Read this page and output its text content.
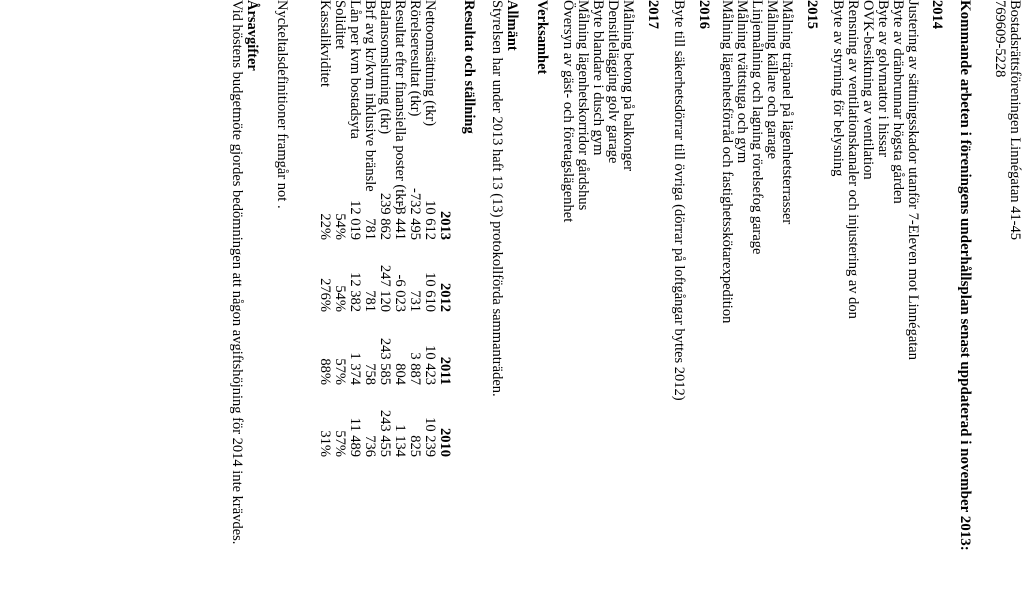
Bostadsrättsföreningen Linnégatan 41-45
769609-5228
Kommande arbeten i föreningens underhållsplan senast uppdaterad i november 2013:
2014
Justering av sättningsskador utanför 7-Eleven mot Linnégatan
Byte av dränbrunnar högsta gården
Byte av golvmattor i hissar
OVK-besiktning av ventilation
Rensning av ventilationskanaler och injustering av don
Byte av styrning för belysning
2015
Målning träpanel på lägenhetsterrasser
Målning källare och garage
Linjemålning och lagning rörelsefog garage
Målning tvättstuga och gym
Målning lägenhetsförråd och fastighetsskötarexpedition
2016
Byte till säkerhetsdörrar till övriga (dörrar på loftgångar byttes 2012)
2017
Målning betong på balkonger
Densitlelägging golv garage
Byte blandare i dusch gym
Målning lägenhetskorridor gårdshus
Översyn av gäst- och företagslägenhet
Verksamhet
Allmänt
Styrelsen har under 2013 haft 13 (13) protokollförda sammanträden.
Resultat och ställning
2013
2012
2011
2010
Nettoomsättning (tkr)
10 612
10 610
10 423
10 239
Rörelseresultat (tkr)
-732 495
731
3 887
825
Resultat efter finansiella poster (tkr)
-3 441
-6 023
804
1 134
Balansomslutning (tkr)
239 862
247 120
243 585
243 455
Brf avg kr/kvm inklusive bränsle
781
781
758
736
Lån per kvm bostadsyta
12 019
12 382
1 374
11 489
Soliditet
54%
54%
57%
57%
Kassalikviditet
22%
276%
88%
31%
Nyckeltalsdefinitioner framgår not .
Årsavgifter
Vid höstens budgetmöte gjordes bedömningen att någon avgiftshöjning för 2014 inte krävdes.
